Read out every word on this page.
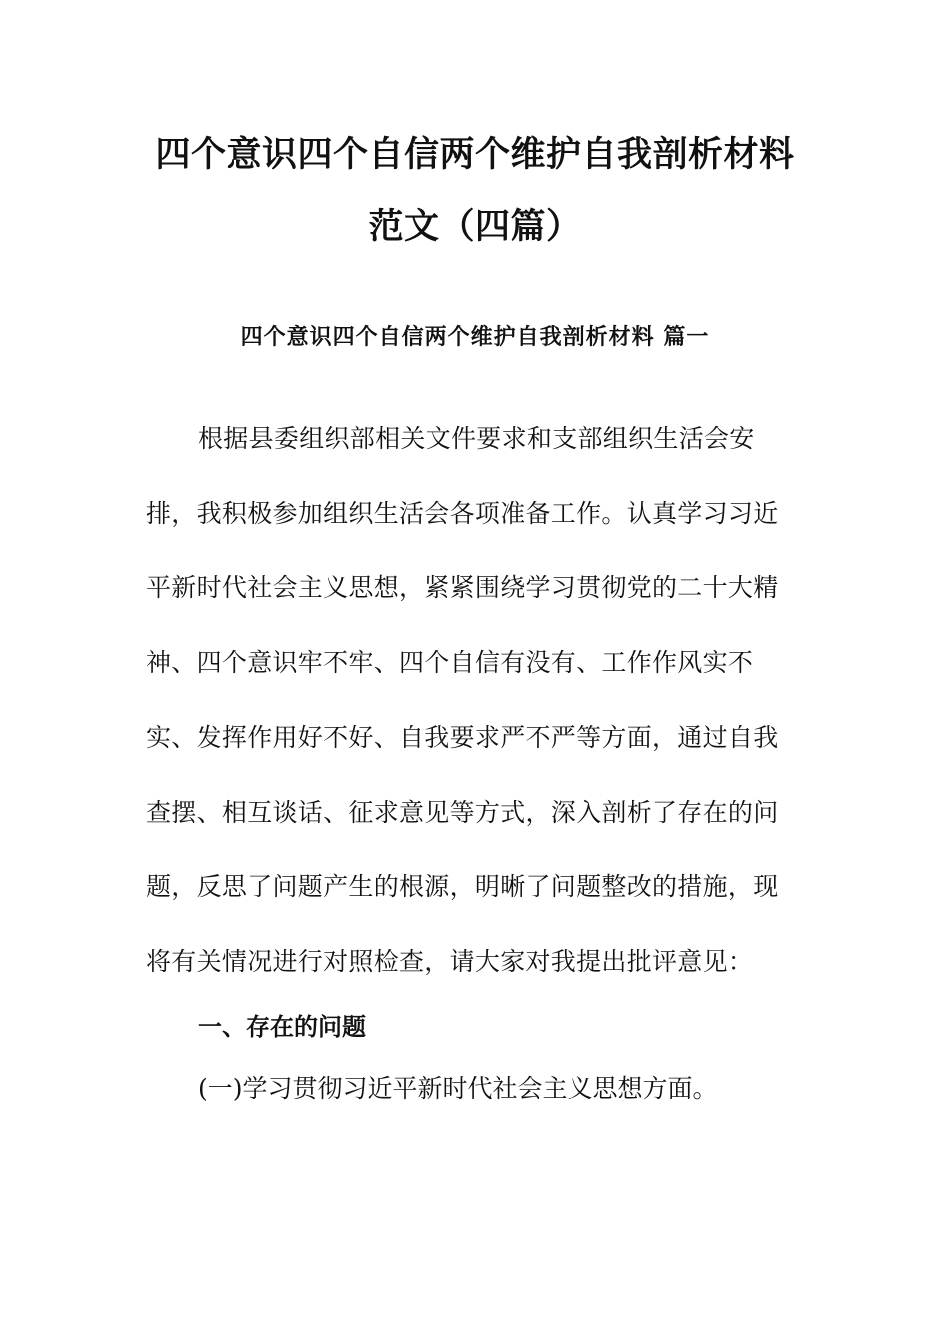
四个意识四个自信两个维护自我剖析材料
范文（四篇）
四个意识四个自信两个维护自我剖析材料 篇一
根据县委组织部相关文件要求和支部组织生活会安
排，我积极参加组织生活会各项准备工作。认真学习习近
平新时代社会主义思想，紧紧围绕学习贯彻党的二十大精
神、四个意识牢不牢、四个自信有没有、工作作风实不
实、发挥作用好不好、自我要求严不严等方面，通过自我
查摆、相互谈话、征求意见等方式，深入剖析了存在的问
题，反思了问题产生的根源，明晰了问题整改的措施，现
将有关情况进行对照检查，请大家对我提出批评意见：
一、存在的问题
(一)学习贯彻习近平新时代社会主义思想方面。
